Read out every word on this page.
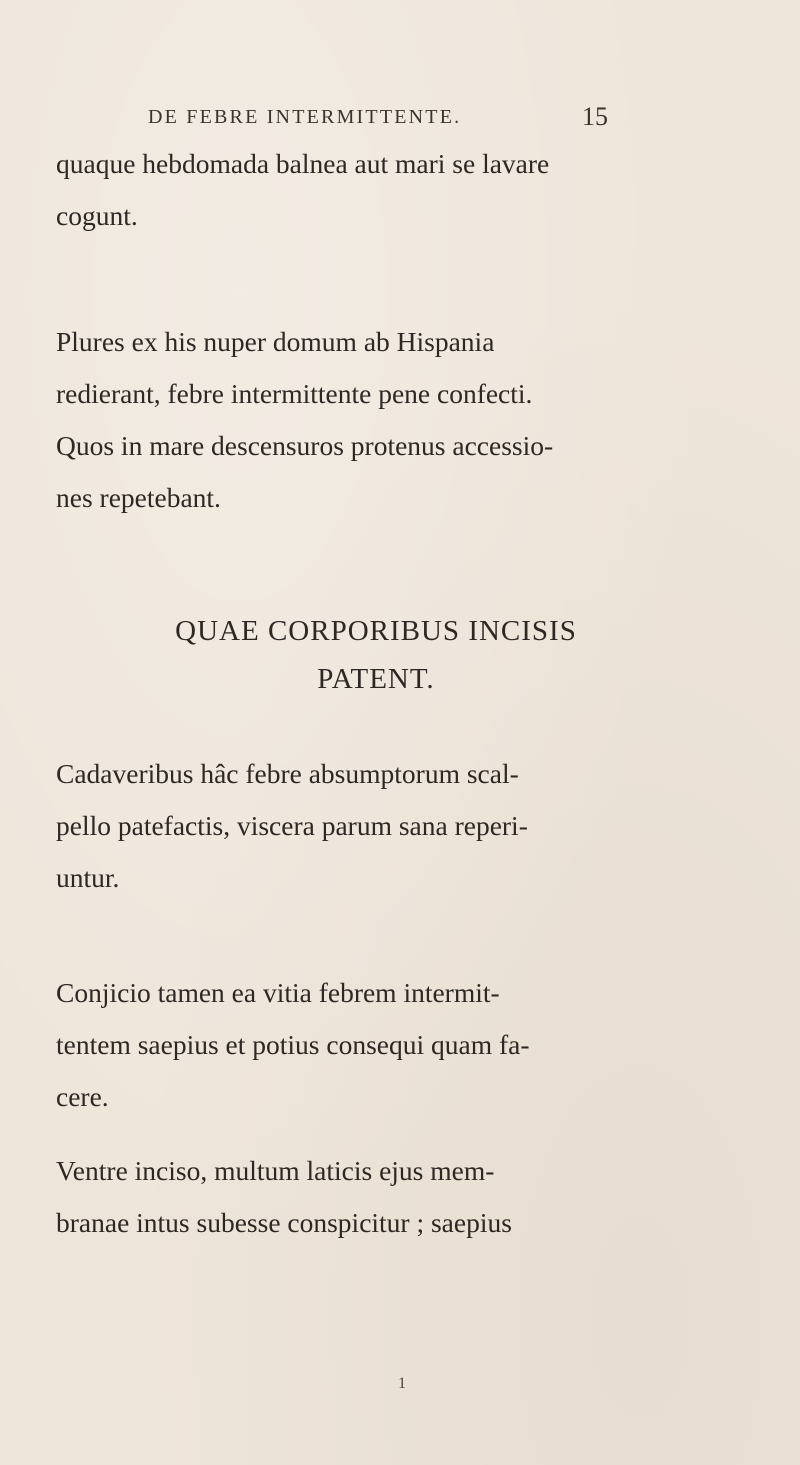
DE FEBRE INTERMITTENTE.	15

quaque hebdomada balnea aut mari se lavare
cogunt.

Plures ex his nuper domum ab Hispania
redierant, febre intermittente pene confecti.
Quos in mare descensuros protenus accessio-
nes repetebant.

QUAE CORPORIBUS INCISIS
PATENT.

Cadaveribus hâc febre absumptorum scal-
pello patefactis, viscera parum sana reperi-
untur.

Conjicio tamen ea vitia febrem intermit-
tentem saepius et potius consequi quam fa-
cere.

Ventre inciso, multum laticis ejus mem-
branae intus subesse conspicitur ; saepius

1
